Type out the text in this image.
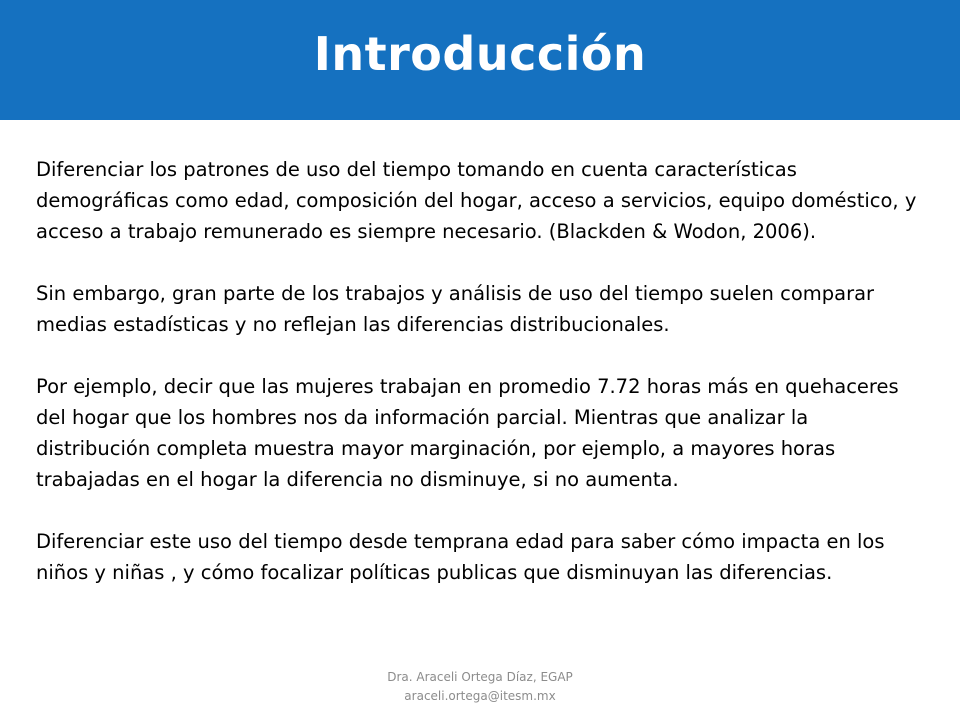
Introducción

Diferenciar los patrones de uso del tiempo tomando en cuenta características demográficas como edad, composición del hogar, acceso a servicios, equipo doméstico, y acceso a trabajo remunerado es siempre necesario. (Blackden & Wodon, 2006).

Sin embargo, gran parte de los trabajos y análisis de uso del tiempo suelen comparar medias estadísticas y no reflejan las diferencias distribucionales.

Por ejemplo, decir que las mujeres trabajan en promedio 7.72 horas más en quehaceres del hogar que los hombres nos da información parcial. Mientras que analizar la distribución completa muestra mayor marginación, por ejemplo, a mayores horas trabajadas en el hogar la diferencia no disminuye, si no aumenta.

Diferenciar este uso del tiempo desde temprana edad para saber cómo impacta en los niños y niñas , y cómo focalizar políticas publicas que disminuyan las diferencias.

Dra. Araceli Ortega Díaz, EGAP
araceli.ortega@itesm.mx
